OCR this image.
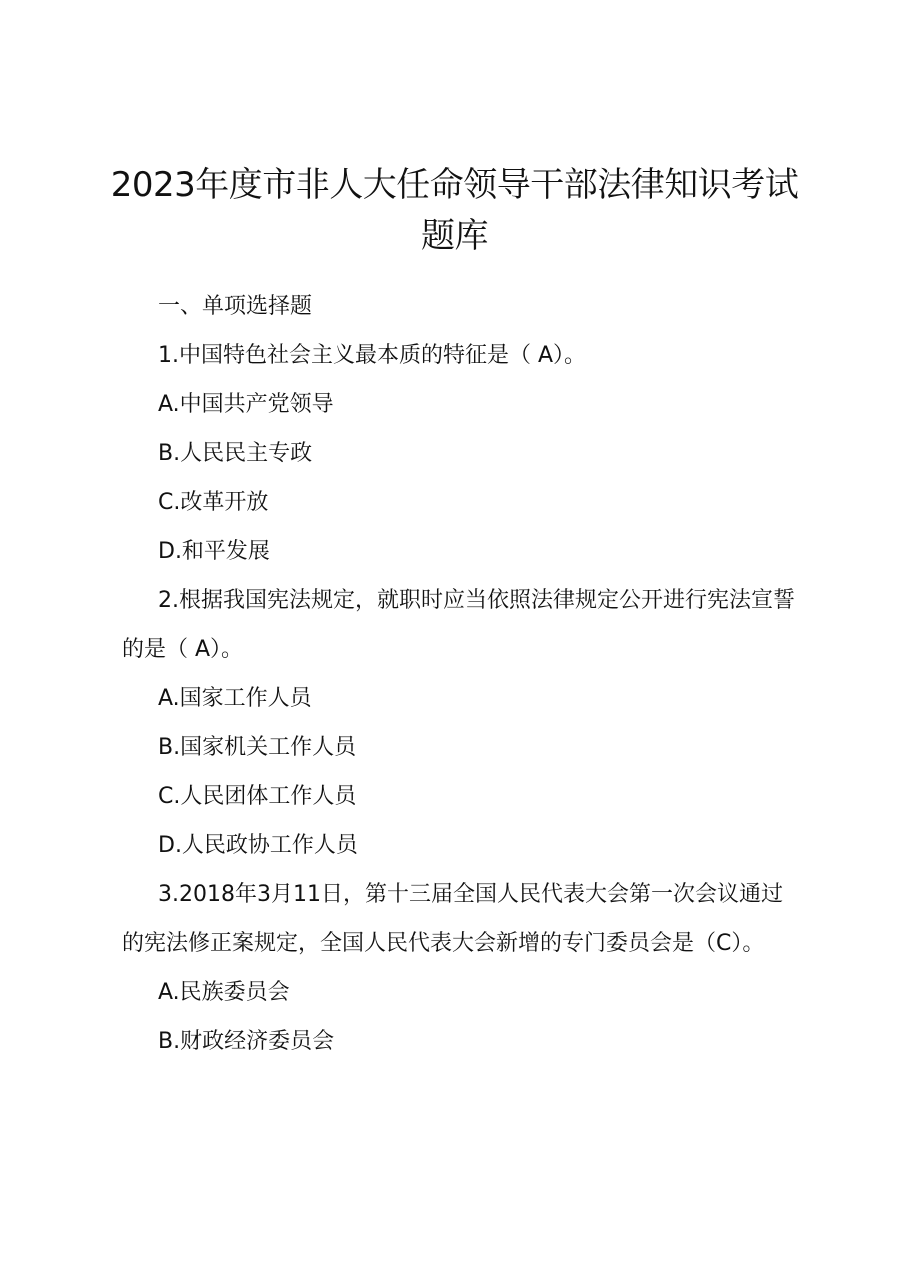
2023年度市非人大任命领导干部法律知识考试题库

一、单项选择题

1.中国特色社会主义最本质的特征是（ A）。

A.中国共产党领导

B.人民民主专政

C.改革开放

D.和平发展

2.根据我国宪法规定，就职时应当依照法律规定公开进行宪法宣誓的是（ A）。

A.国家工作人员

B.国家机关工作人员

C.人民团体工作人员

D.人民政协工作人员

3.2018年3月11日，第十三届全国人民代表大会第一次会议通过的宪法修正案规定，全国人民代表大会新增的专门委员会是（C）。

A.民族委员会

B.财政经济委员会
